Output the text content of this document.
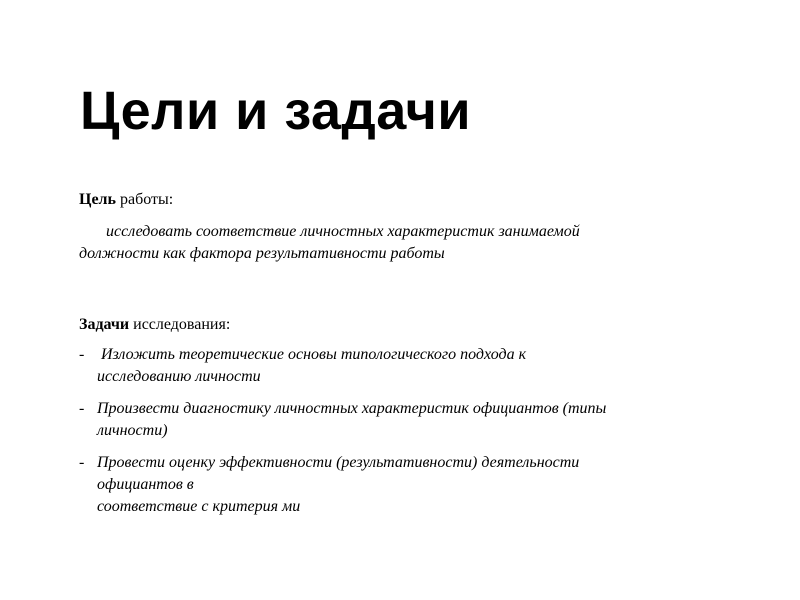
Цели и задачи
Цель работы:
исследовать соответствие личностных характеристик занимаемой
должности как фактора результативности работы
Задачи исследования:
- Изложить теоретические основы типологического подхода к
исследованию личности
- Произвести диагностику личностных характеристик официантов (типы
личности)
- Провести оценку эффективности (результативности) деятельности
официантов в
соответствие с критерия ми
